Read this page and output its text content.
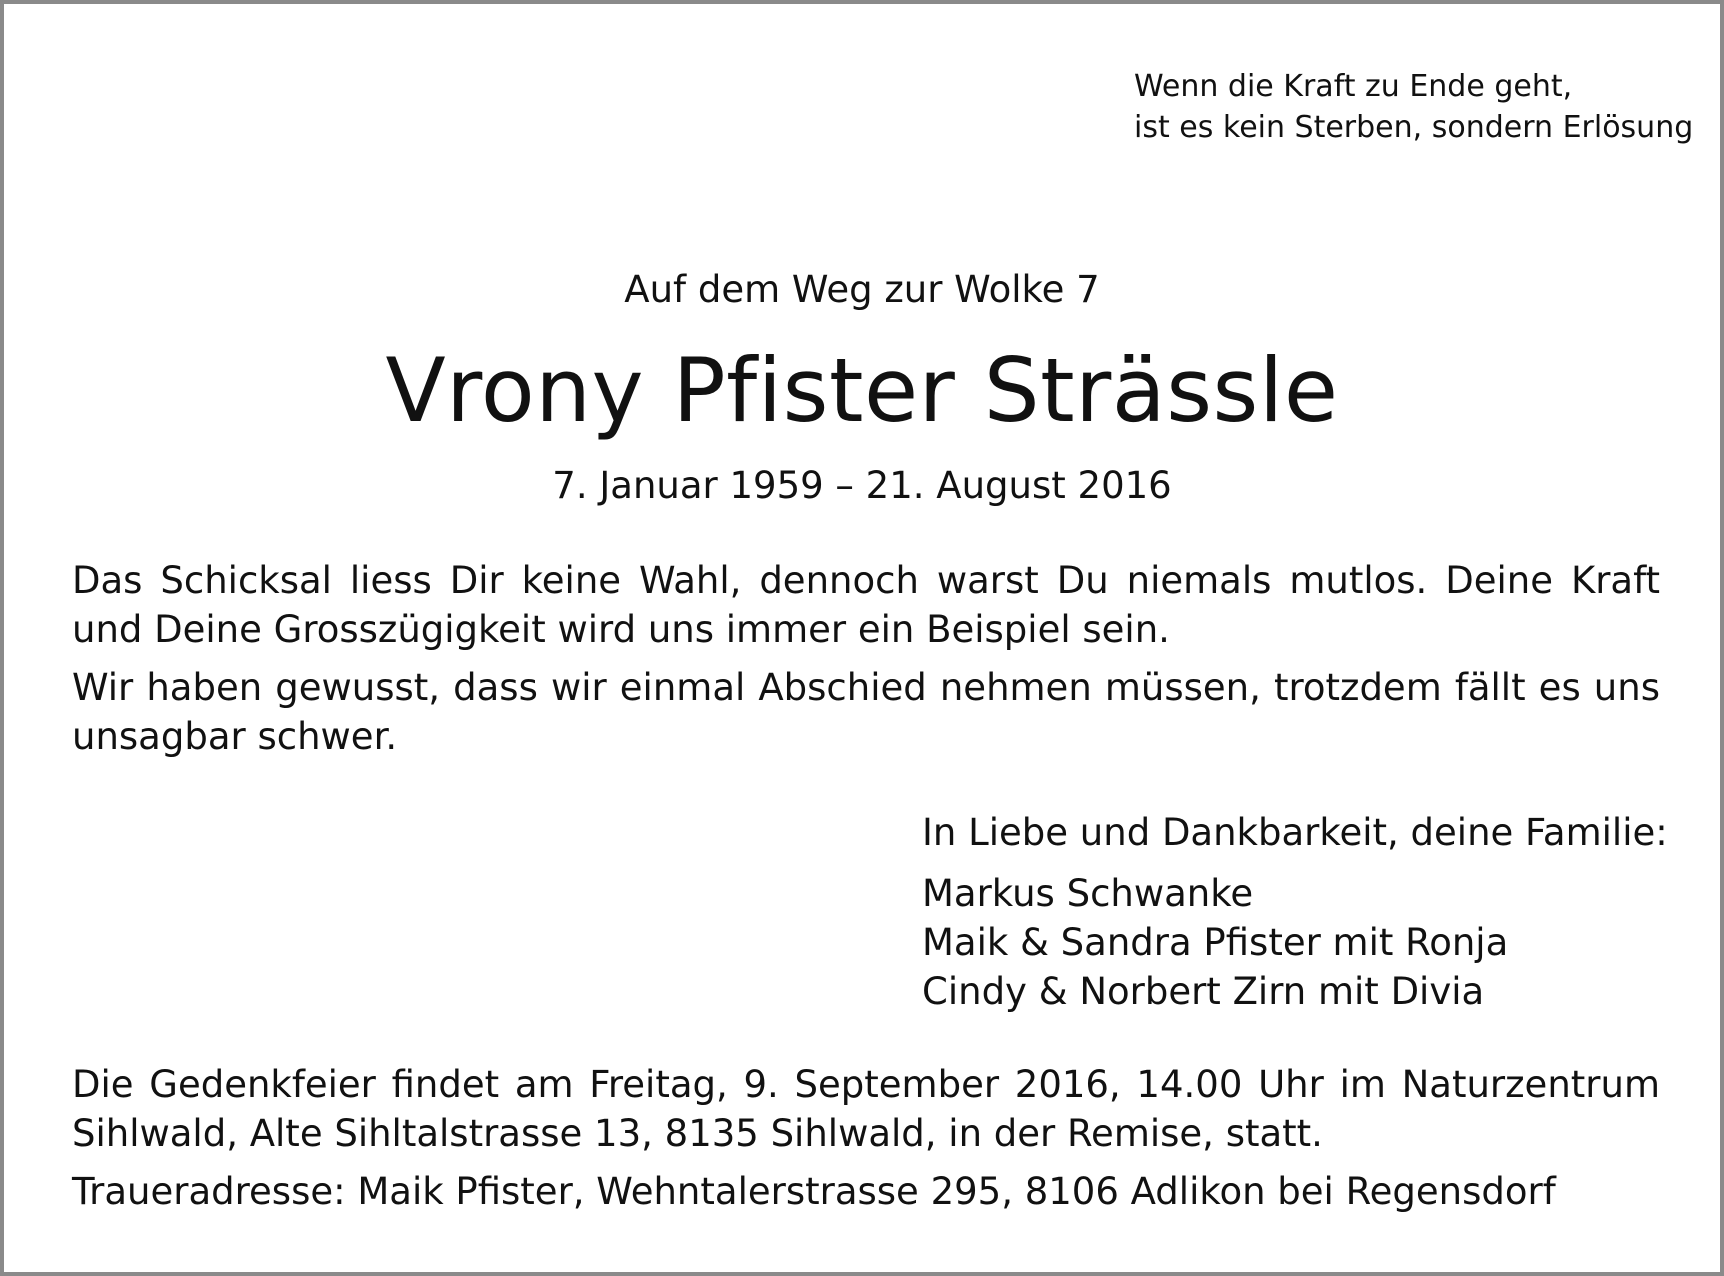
Wenn die Kraft zu Ende geht,
ist es kein Sterben, sondern Erlösung
Auf dem Weg zur Wolke 7
Vrony Pfister Strässle
7. Januar 1959 – 21. August 2016
Das Schicksal liess Dir keine Wahl, dennoch warst Du niemals mutlos. Deine Kraft und Deine Grosszügigkeit wird uns immer ein Beispiel sein.
Wir haben gewusst, dass wir einmal Abschied nehmen müssen, trotzdem fällt es uns unsagbar schwer.
In Liebe und Dankbarkeit, deine Familie:
Markus Schwanke
Maik & Sandra Pfister mit Ronja
Cindy & Norbert Zirn mit Divia
Die Gedenkfeier findet am Freitag, 9. September 2016, 14.00 Uhr im Naturzentrum Sihlwald, Alte Sihltalstrasse 13, 8135 Sihlwald, in der Remise, statt.
Traueradresse: Maik Pfister, Wehntalerstrasse 295, 8106 Adlikon bei Regensdorf
